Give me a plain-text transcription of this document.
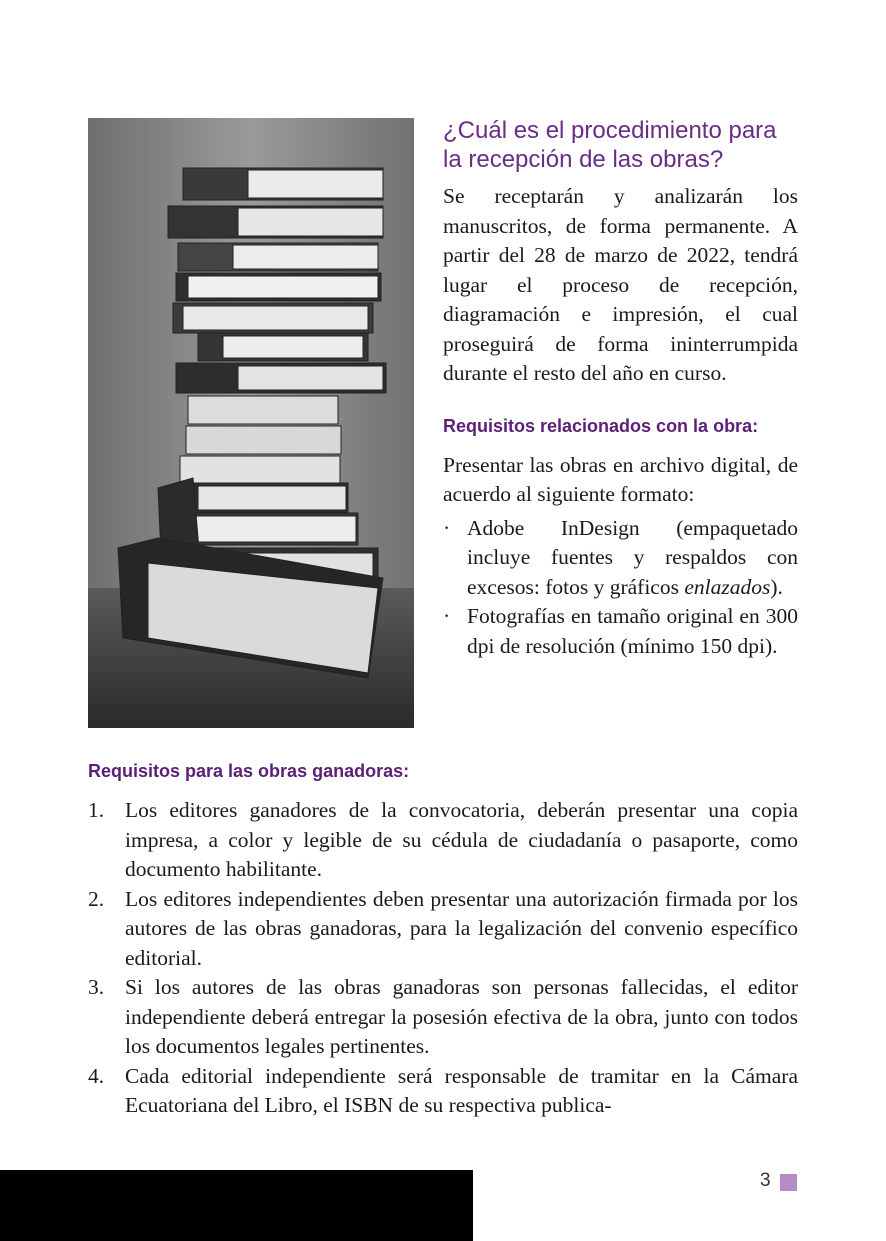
¿Cuál es el procedimiento para la recepción de las obras?

Se receptarán y analizarán los manuscritos, de forma permanente. A partir del 28 de marzo de 2022, tendrá lugar el proceso de recepción, diagramación e impresión, el cual proseguirá de forma ininterrumpida durante el resto del año en curso.

Requisitos relacionados con la obra:

Presentar las obras en archivo digital, de acuerdo al siguiente formato:

· Adobe InDesign (empaquetado incluye fuentes y respaldos con excesos: fotos y gráficos enlazados).
· Fotografías en tamaño original en 300 dpi de resolución (mínimo 150 dpi).
Requisitos para las obras ganadoras:
1. Los editores ganadores de la convocatoria, deberán presentar una copia impresa, a color y legible de su cédula de ciudadanía o pasaporte, como documento habilitante.
2. Los editores independientes deben presentar una autorización firmada por los autores de las obras ganadoras, para la legalización del convenio específico editorial.
3. Si los autores de las obras ganadoras son personas fallecidas, el editor independiente deberá entregar la posesión efectiva de la obra, junto con todos los documentos legales pertinentes.
4. Cada editorial independiente será responsable de tramitar en la Cámara Ecuatoriana del Libro, el ISBN de su respectiva publica-
3
